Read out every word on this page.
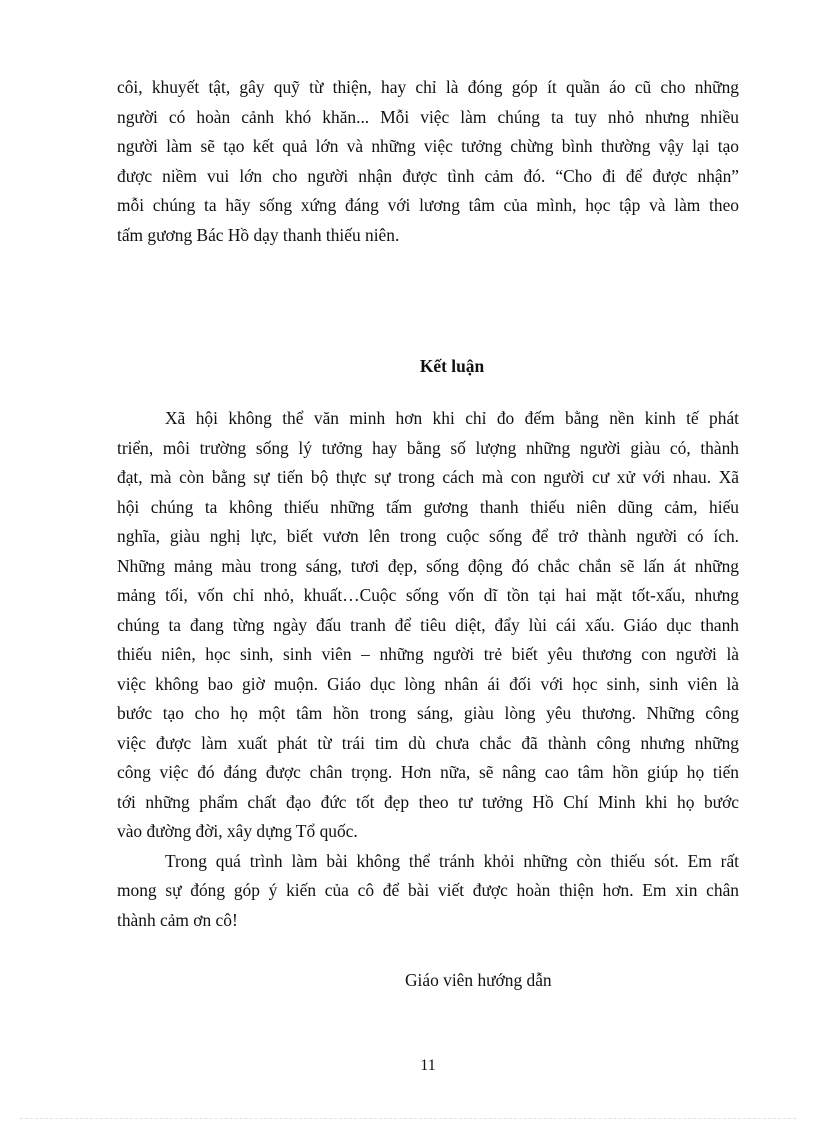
côi, khuyết tật, gây quỹ từ thiện, hay chỉ là đóng góp ít quần áo cũ cho những
người có hoàn cảnh khó khăn... Mỗi việc làm chúng ta tuy nhỏ nhưng nhiều
người làm sẽ tạo kết quả lớn và những việc tưởng chừng bình thường vậy lại tạo
được niềm vui lớn cho người nhận được tình cảm đó. “Cho đi để được nhận”
mỗi chúng ta hãy sống xứng đáng với lương tâm của mình, học tập và làm theo
tấm gương Bác Hồ dạy thanh thiếu niên.
Kết luận
Xã hội không thể văn minh hơn khi chỉ đo đếm bằng nền kinh tế phát
triển, môi trường sống lý tưởng hay bằng số lượng những người giàu có, thành
đạt, mà còn bằng sự tiến bộ thực sự trong cách mà con người cư xử với nhau. Xã
hội chúng ta không thiếu những tấm gương thanh thiếu niên dũng cảm, hiếu
nghĩa, giàu nghị lực, biết vươn lên trong cuộc sống để trở thành người có ích.
Những mảng màu trong sáng, tươi đẹp, sống động đó chắc chắn sẽ lấn át những
mảng tối, vốn chỉ nhỏ, khuất…Cuộc sống vốn dĩ tồn tại hai mặt tốt-xấu, nhưng
chúng ta đang từng ngày đấu tranh để tiêu diệt, đẩy lùi cái xấu. Giáo dục thanh
thiếu niên, học sinh, sinh viên – những người trẻ biết yêu thương con người là
việc không bao giờ muộn. Giáo dục lòng nhân ái đối với học sinh, sinh viên là
bước tạo cho họ một tâm hồn trong sáng, giàu lòng yêu thương. Những công
việc được làm xuất phát từ trái tim dù chưa chắc đã thành công nhưng những
công việc đó đáng được chân trọng. Hơn nữa, sẽ nâng cao tâm hồn giúp họ tiến
tới những phẩm chất đạo đức tốt đẹp theo tư tưởng Hồ Chí Minh khi họ bước
vào đường đời, xây dựng Tổ quốc.
Trong quá trình làm bài không thể tránh khỏi những còn thiếu sót. Em rất
mong sự đóng góp ý kiến của cô để bài viết được hoàn thiện hơn. Em xin chân
thành cảm ơn cô!
Giáo viên hướng dẫn
11
